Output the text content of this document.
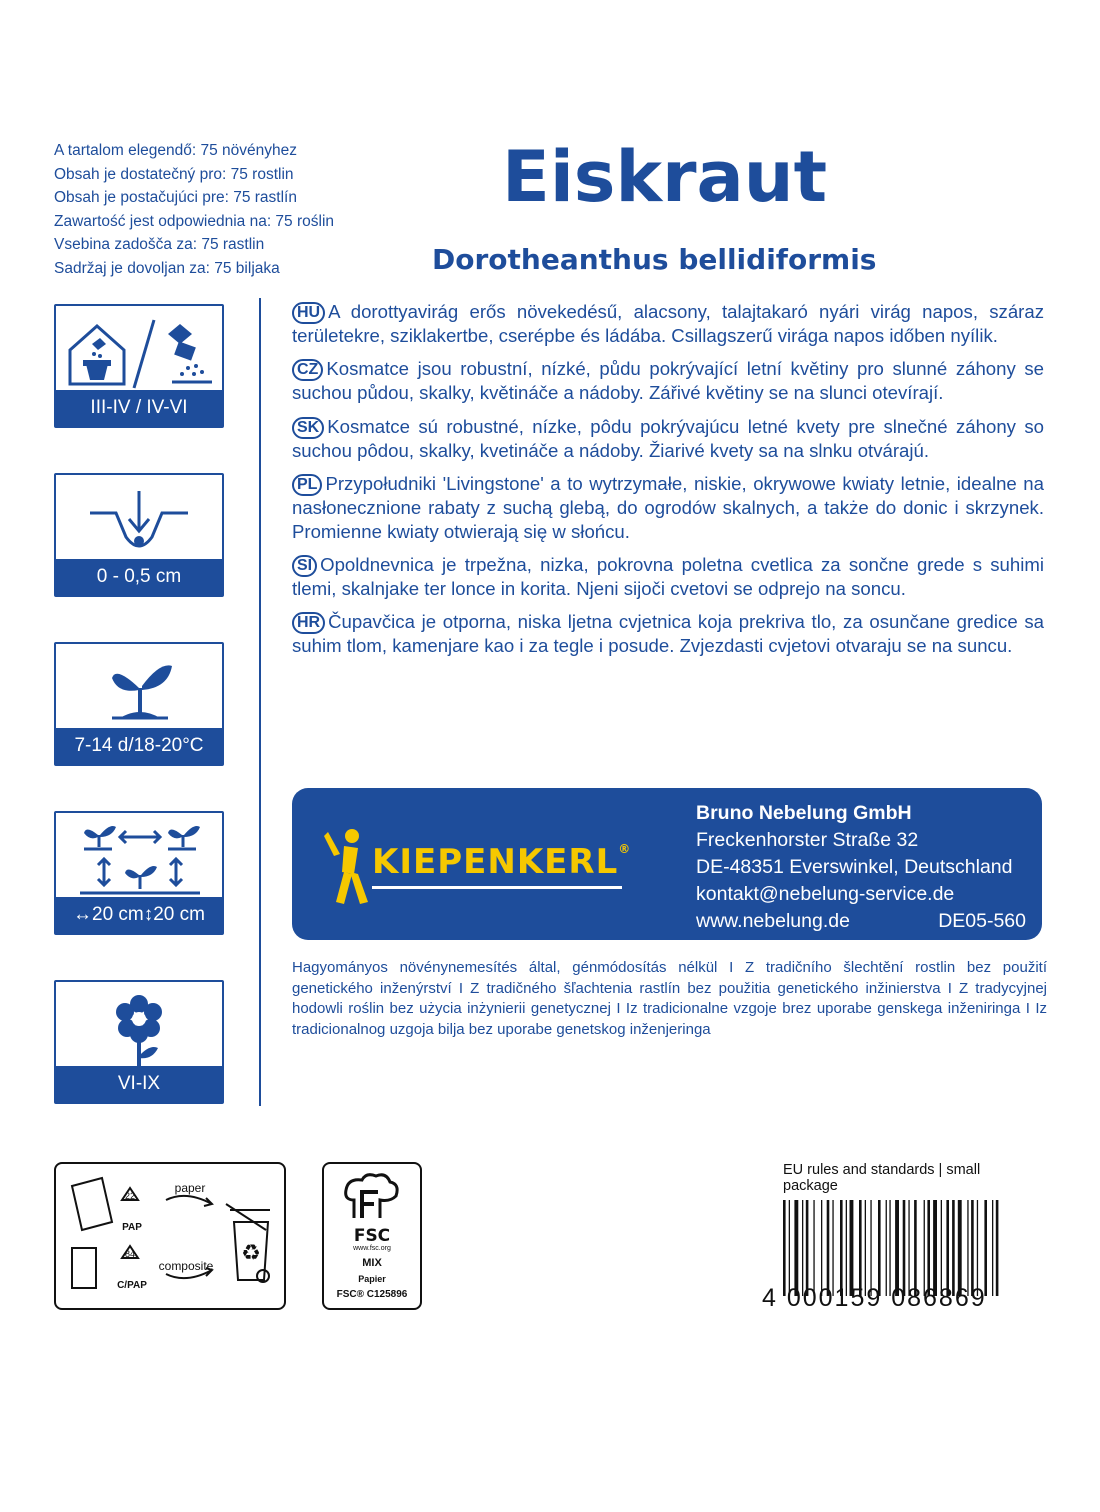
A tartalom elegendő: 75 növényhez
Obsah je dostatečný pro: 75 rostlin
Obsah je postačujúci pre: 75 rastlín
Zawartość jest odpowiednia na: 75 roślin
Vsebina zadošča za: 75 rastlin
Sadržaj je dovoljan za: 75 biljaka
Eiskraut
Dorotheanthus bellidiformis
III-IV / IV-VI
0 - 0,5 cm
7-14 d/18-20°C
↔20 cm↕20 cm
VI-IX
HU A dorottyavirág erős növekedésű, alacsony, talajtakaró nyári virág napos, száraz területekre, sziklakertbe, cserépbe és ládába. Csillagszerű virága napos időben nyílik.
CZ Kosmatce jsou robustní, nízké, půdu pokrývající letní květiny pro slunné záhony se suchou půdou, skalky, květináče a nádoby. Zářivé květiny se na slunci otevírají.
SK Kosmatce sú robustné, nízke, pôdu pokrývajúcu letné kvety pre slnečné záhony so suchou pôdou, skalky, kvetináče a nádoby. Žiarivé kvety sa na slnku otvárajú.
PL Przypołudniki 'Livingstone' a to wytrzymałe, niskie, okrywowe kwiaty letnie, idealne na nasłonecznione rabaty z suchą glebą, do ogrodów skalnych, a także do donic i skrzynek. Promienne kwiaty otwierają się w słońcu.
SI Opoldnevnica je trpežna, nizka, pokrovna poletna cvetlica za sončne grede s suhimi tlemi, skalnjake ter lonce in korita. Njeni sijoči cvetovi se odprejo na soncu.
HR Čupavčica je otporna, niska ljetna cvjetnica koja prekriva tlo, za osunčane gredice sa suhim tlom, kamenjare kao i za tegle i posude. Zvjezdasti cvjetovi otvaraju se na suncu.
KIEPENKERL®
Bruno Nebelung GmbH
Freckenhorster Straße 32
DE-48351 Everswinkel, Deutschland
kontakt@nebelung-service.de
www.nebelung.de	DE05-560
Hagyományos növénynemesítés által, génmódosítás nélkül I Z tradičního šlechtění rostlin bez použití genetického inženýrství I Z tradičného šľachtenia rastlín bez použitia genetického inžinierstva I Z tradycyjnej hodowli roślin bez użycia inżynierii genetycznej I Iz tradicionalne vzgoje brez uporabe genskega inženiringa I Iz tradicionalnog uzgoja bilja bez uporabe genetskog inženjeringa
22
PAP
84
C/PAP
paper
composite
♻
FSC
www.fsc.org
MIX
Papier
FSC® C125896
EU rules and standards | small package
4 000159 086869
